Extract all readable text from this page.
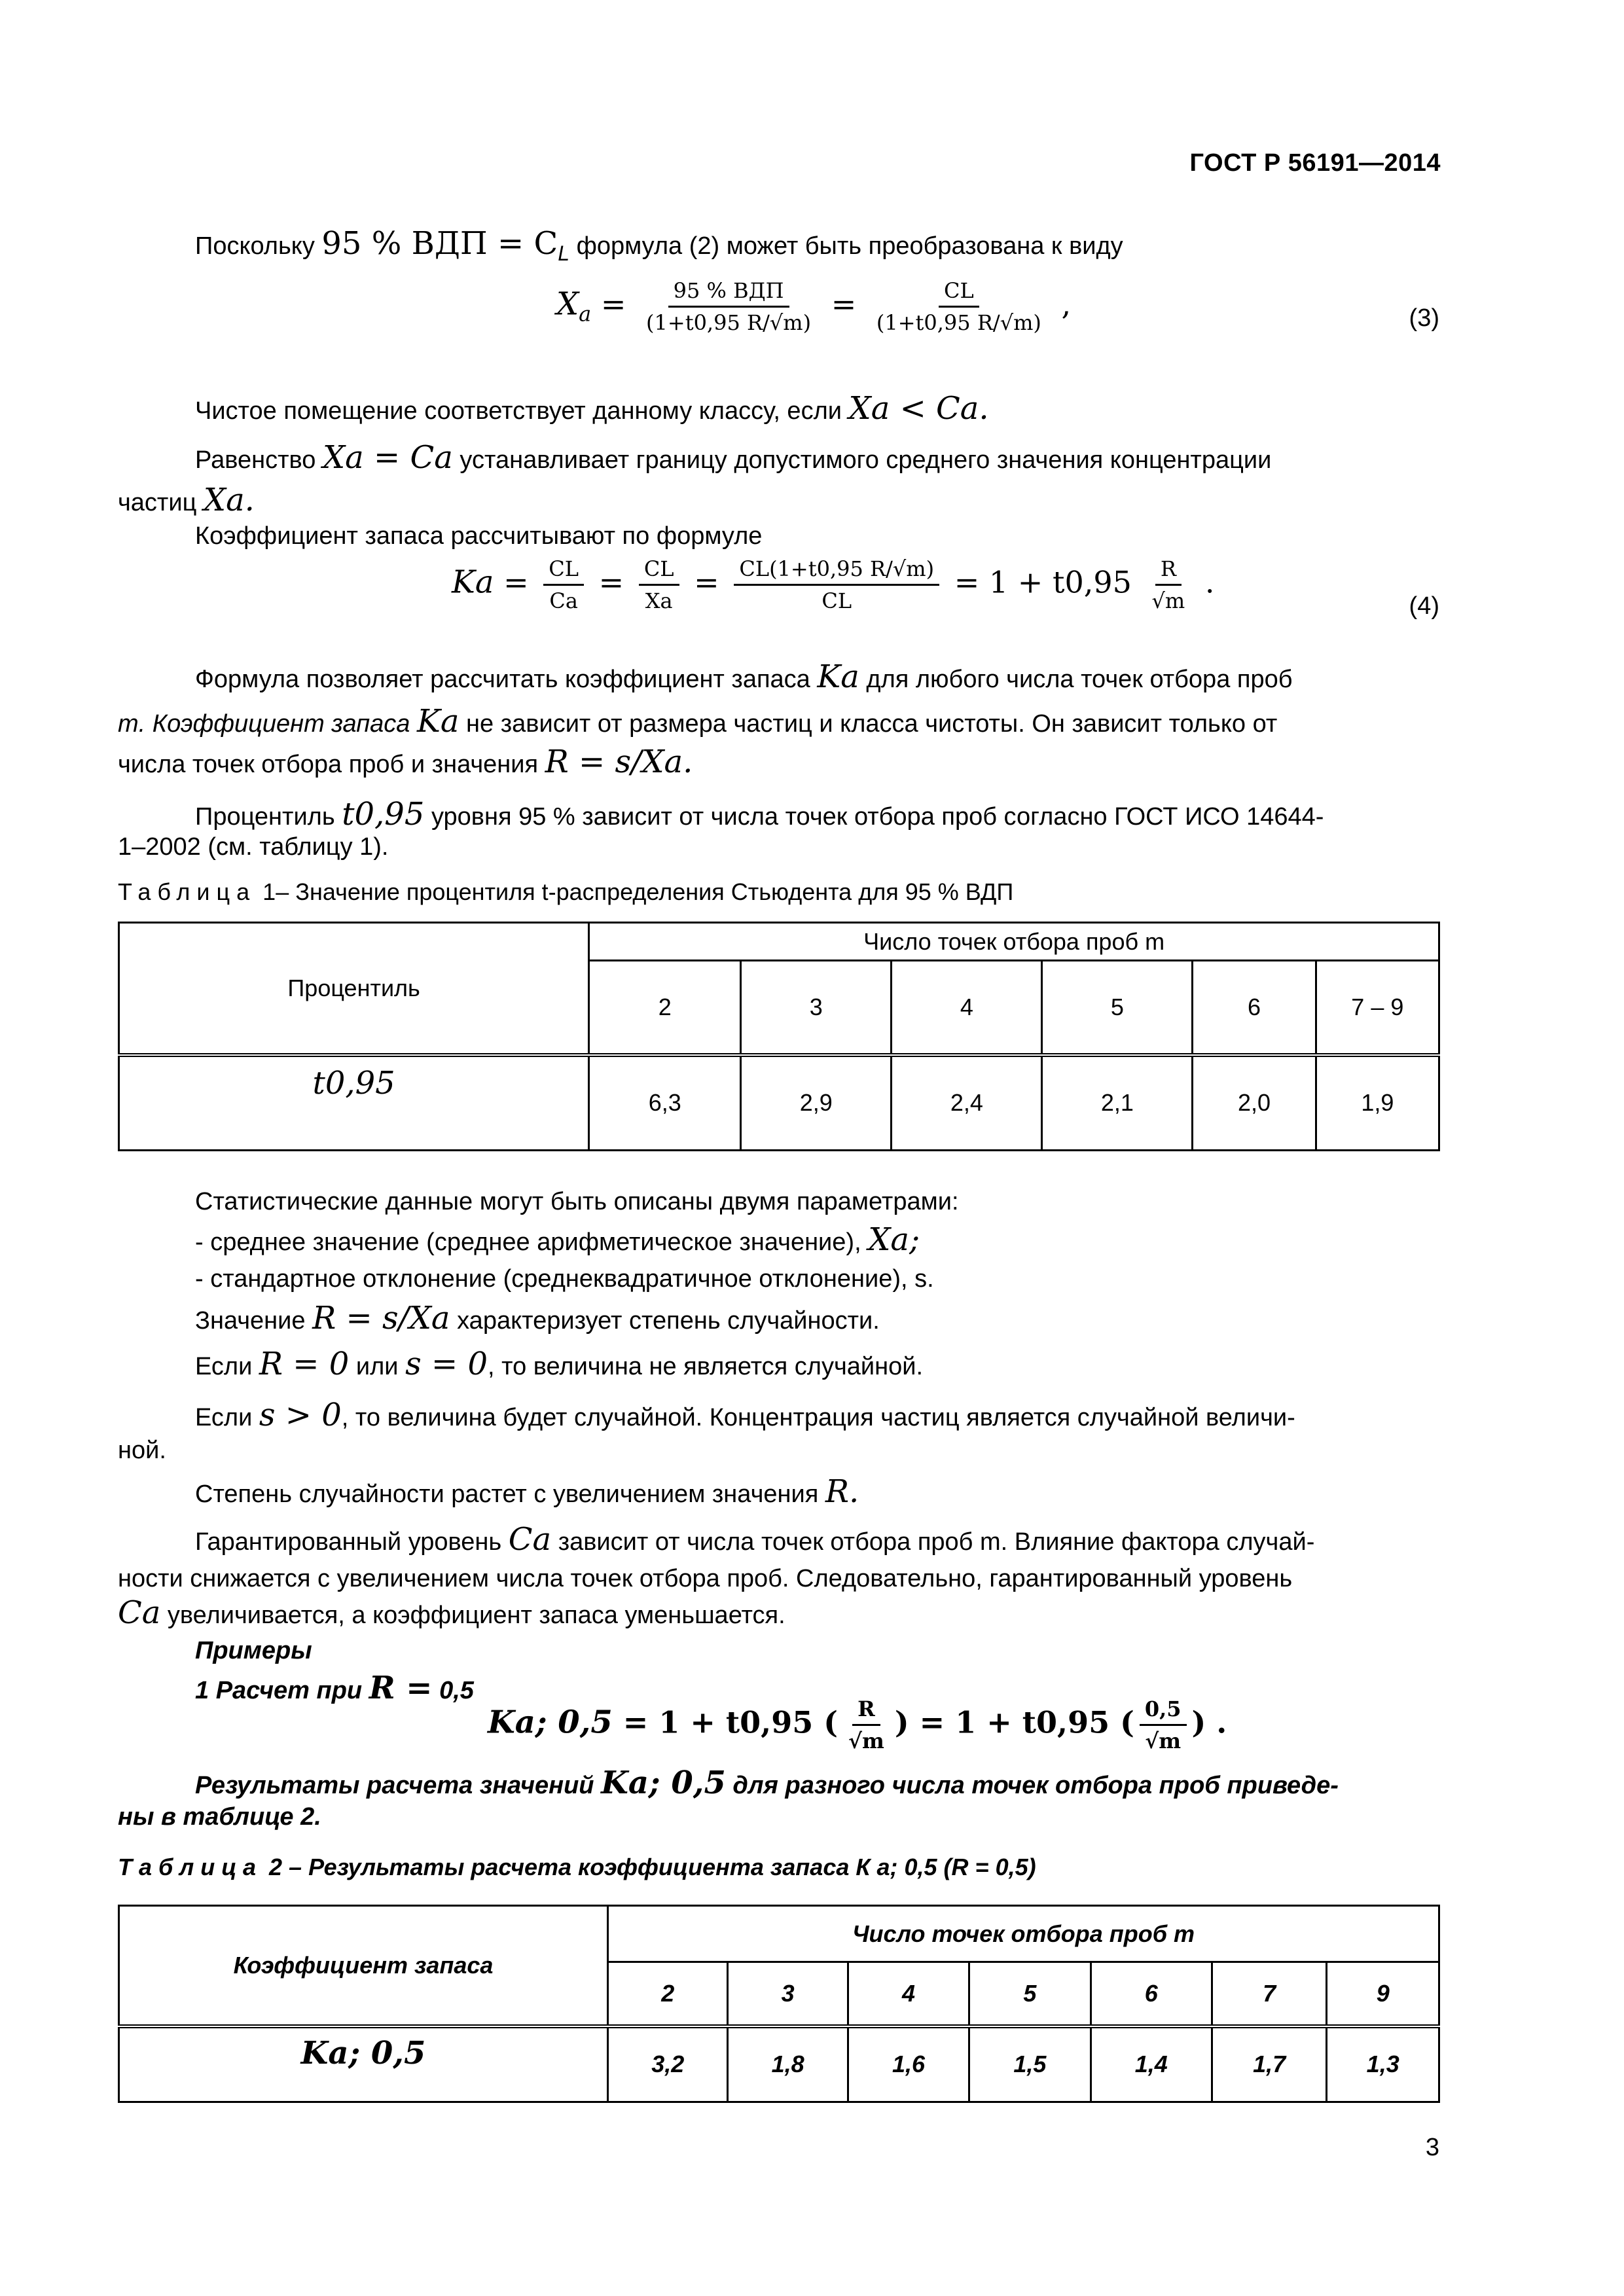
ГОСТ Р 56191—2014
Поскольку 95 % ВДП = $C_L$ формула (2) может быть преобразована к виду
$X_a = \frac{\text{95 \% ВДП}}{(1+t0,95 R/√m)} = \frac{CL}{(1+t0,95 R/√m)}$ ,	(3)
Чистое помещение соответствует данному классу, если Xa < Ca.
Равенство Xa = Ca устанавливает границу допустимого среднего значения концентрации
частиц Xa.
Коэффициент запаса рассчитывают по формуле
$Ka = \frac{CL}{Ca} = \frac{CL}{Xa} = \frac{CL(1+t0,95 R/√m)}{CL} = 1 + t0,95 \frac{R}{√m}$ .
(4)
Формула позволяет рассчитать коэффициент запаса Ka для любого числа точек отбора проб
m. Коэффициент запаса Ka не зависит от размера частиц и класса чистоты. Он зависит только от
числа точек отбора проб и значения R = s/Xa.
Процентиль t0,95 уровня 95 % зависит от числа точек отбора проб согласно ГОСТ ИСО 14644-
1–2002 (см. таблицу 1).
Таблица 1– Значение процентиля t-распределения Стьюдента для 95 % ВДП
Процентиль	Число точек отбора проб m					
	2	3	4	5	6	7 – 9
t0,95	6,3	2,9	2,4	2,1	2,0	1,9
Статистические данные могут быть описаны двумя параметрами:
- среднее значение (среднее арифметическое значение), Xa;
- стандартное отклонение (среднеквадратичное отклонение), s.
Значение R = s/Xa характеризует степень случайности.
Если R = 0 или s = 0, то величина не является случайной.
Если s > 0, то величина будет случайной. Концентрация частиц является случайной величи-
ной.
Степень случайности растет с увеличением значения R.
Гарантированный уровень Ca зависит от числа точек отбора проб m. Влияние фактора случай-
ности снижается с увеличением числа точек отбора проб. Следовательно, гарантированный уровень
Ca увеличивается, а коэффициент запаса уменьшается.
Примеры
1 Расчет при R = 0,5
Ka; 0,5 = 1 + t0,95 ( $\frac{R}{√m}$ ) = 1 + t0,95 ( $\frac{0,5}{√m}$ ) .
Результаты расчета значений Ka; 0,5 для разного числа точек отбора проб приведе-
ны в таблице 2.
Таблица 2 – Результаты расчета коэффициента запаса К a; 0,5 (R = 0,5)
Коэффициент запаса	Число точек отбора проб m						
	2	3	4	5	6	7	9
Ka; 0,5	3,2	1,8	1,6	1,5	1,4	1,7	1,3
3
